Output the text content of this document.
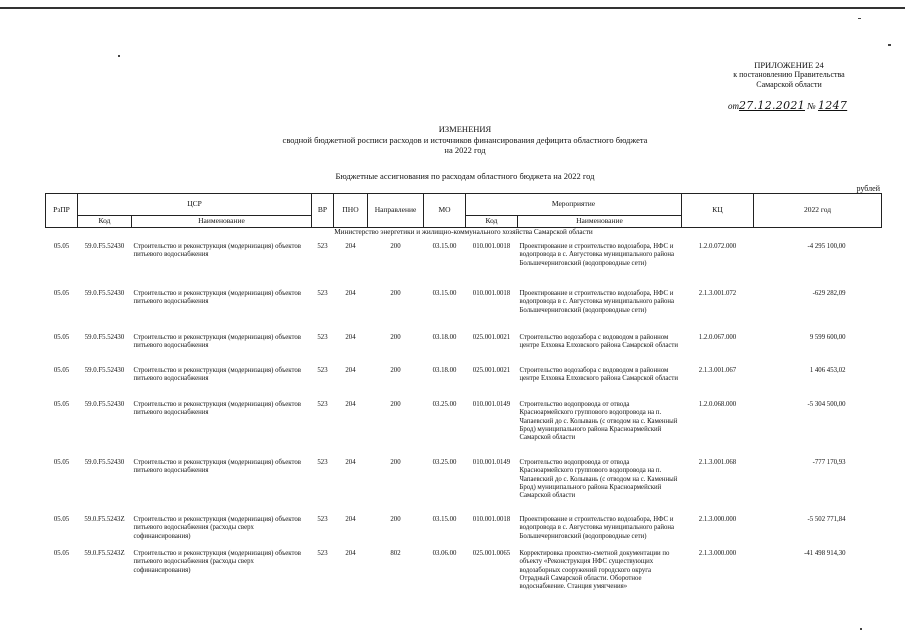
ПРИЛОЖЕНИЕ 24
к постановлению Правительства
Самарской области
от27.12.2021 № 1247
ИЗМЕНЕНИЯ
сводной бюджетной росписи расходов и источников финансирования дефицита областного бюджета
на 2022 год
Бюджетные ассигнования по расходам областного бюджета на 2022 год
рублей
РзПР	ЦСР		ВР	ПНО	Направление	МО	Мероприятие		КЦ	2022 год
	Код	Наименование					Код	Наименование		
Министерство энергетики и жилищно-коммунального хозяйства Самарской области										
05.05	59.0.F5.52430	Строительство и реконструкция (модернизация) объектов питьевого водоснабжения	523	204	200	03.15.00	010.001.0018	Проектирование и строительство водозабора, НФС и водопровода в с. Августовка муниципального района Большечерниговский (водопроводные сети)	1.2.0.072.000	-4 295 100,00
05.05	59.0.F5.52430	Строительство и реконструкция (модернизация) объектов питьевого водоснабжения	523	204	200	03.15.00	010.001.0018	Проектирование и строительство водозабора, НФС и водопровода в с. Августовка муниципального района Большечерниговский (водопроводные сети)	2.1.3.001.072	-629 282,09
05.05	59.0.F5.52430	Строительство и реконструкция (модернизация) объектов питьевого водоснабжения	523	204	200	03.18.00	025.001.0021	Строительство водозабора с водоводом в районном центре Елховка Елховского района Самарской области	1.2.0.067.000	9 599 600,00
05.05	59.0.F5.52430	Строительство и реконструкция (модернизация) объектов питьевого водоснабжения	523	204	200	03.18.00	025.001.0021	Строительство водозабора с водоводом в районном центре Елховка Елховского района Самарской области	2.1.3.001.067	1 406 453,02
05.05	59.0.F5.52430	Строительство и реконструкция (модернизация) объектов питьевого водоснабжения	523	204	200	03.25.00	010.001.0149	Строительство водопровода от отвода Красноармейского группового водопровода на п. Чапаевский до с. Колывань (с отводом на с. Каменный Брод) муниципального района Красноармейский Самарской области	1.2.0.068.000	-5 304 500,00
05.05	59.0.F5.52430	Строительство и реконструкция (модернизация) объектов питьевого водоснабжения	523	204	200	03.25.00	010.001.0149	Строительство водопровода от отвода Красноармейского группового водопровода на п. Чапаевский до с. Колывань (с отводом на с. Каменный Брод) муниципального района Красноармейский Самарской области	2.1.3.001.068	-777 170,93
05.05	59.0.F5.5243Z	Строительство и реконструкция (модернизация) объектов питьевого водоснабжения (расходы сверх софинансирования)	523	204	200	03.15.00	010.001.0018	Проектирование и строительство водозабора, НФС и водопровода в с. Августовка муниципального района Большечерниговский (водопроводные сети)	2.1.3.000.000	-5 502 771,84
05.05	59.0.F5.5243Z	Строительство и реконструкция (модернизация) объектов питьевого водоснабжения (расходы сверх софинансирования)	523	204	802	03.06.00	025.001.0065	Корректировка проектно-сметной документации по объекту «Реконструкция НФС существующих водозаборных сооружений городского округа Отрадный Самарской области. Оборотное водоснабжение. Станция умягчения»	2.1.3.000.000	-41 498 914,30
